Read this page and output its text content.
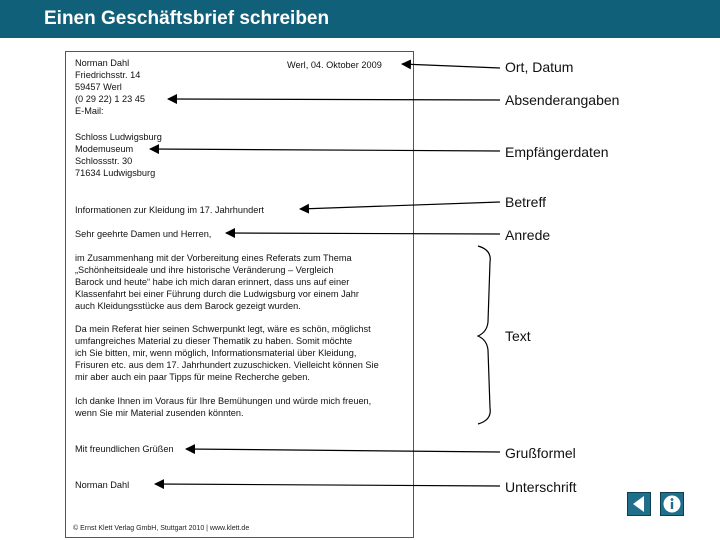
Einen Geschäftsbrief schreiben
Norman Dahl
Friedrichsstr. 14
59457 Werl
(0 29 22) 1 23 45
E-Mail:
Werl, 04. Oktober 2009
Schloss Ludwigsburg
Modemuseum
Schlossstr. 30
71634 Ludwigsburg
Informationen zur Kleidung im 17. Jahrhundert
Sehr geehrte Damen und Herren,
im Zusammenhang mit der Vorbereitung eines Referats zum Thema
„Schönheitsideale und ihre historische Veränderung – Vergleich
Barock und heute“ habe ich mich daran erinnert, dass uns auf einer
Klassenfahrt bei einer Führung durch die Ludwigsburg vor einem Jahr
auch Kleidungsstücke aus dem Barock gezeigt wurden.
Da mein Referat hier seinen Schwerpunkt legt, wäre es schön, möglichst
umfangreiches Material zu dieser Thematik zu haben. Somit möchte
ich Sie bitten, mir, wenn möglich, Informationsmaterial über Kleidung,
Frisuren etc. aus dem 17. Jahrhundert zuzuschicken. Vielleicht können Sie
mir aber auch ein paar Tipps für meine Recherche geben.
Ich danke Ihnen im Voraus für Ihre Bemühungen und würde mich freuen,
wenn Sie mir Material zusenden könnten.
Mit freundlichen Grüßen
Norman Dahl
© Ernst Klett Verlag GmbH, Stuttgart 2010 | www.klett.de
Ort, Datum
Absenderangaben
Empfängerdaten
Betreff
Anrede
Text
Grußformel
Unterschrift
